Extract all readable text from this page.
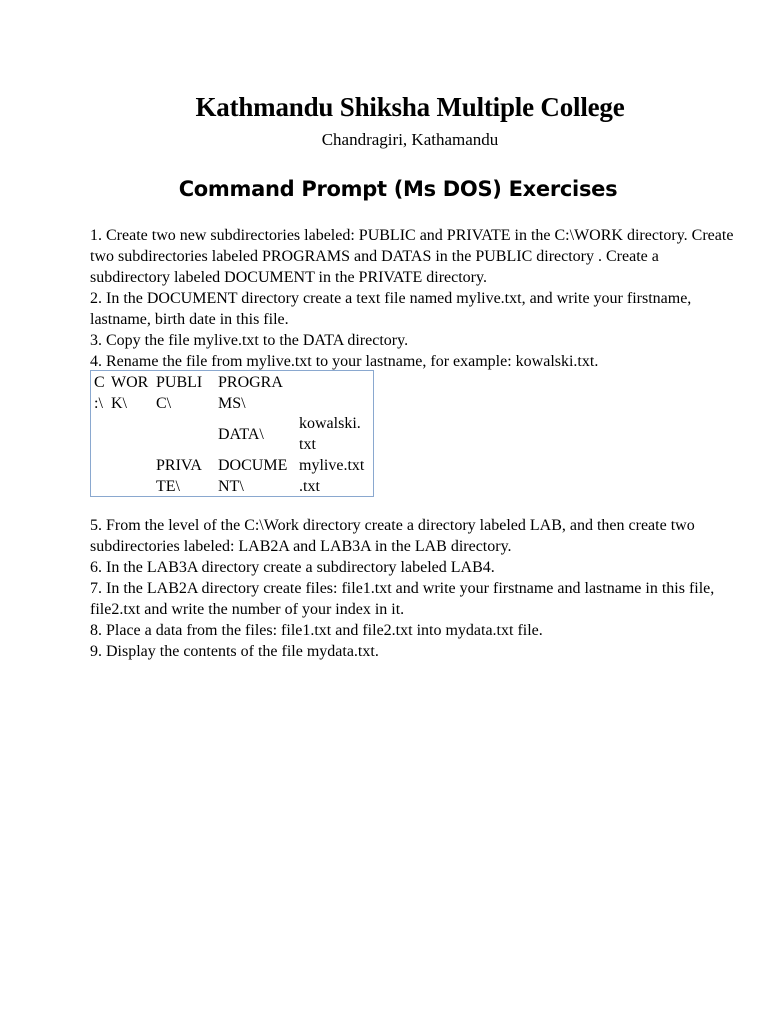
Kathmandu Shiksha Multiple College
Chandragiri, Kathamandu
Command Prompt (Ms DOS) Exercises

1. Create two new subdirectories labeled: PUBLIC and PRIVATE in the C:\WORK directory. Create two subdirectories labeled PROGRAMS and DATAS in the PUBLIC directory . Create a subdirectory labeled DOCUMENT in the PRIVATE directory.

2. In the DOCUMENT directory create a text file named mylive.txt, and write your firstname, lastname, birth date in this file.

3. Copy the file mylive.txt to the DATA directory.

4. Rename the file from mylive.txt to your lastname, for example: kowalski.txt.

C
:\
WOR
K\
PUBLI
C\
PROGRA
MS\
DATA\
kowalski.
txt
PRIVA
TE\
DOCUME
NT\
mylive.txt
.txt

5. From the level of the C:\Work directory create a directory labeled LAB, and then create two subdirectories labeled: LAB2A and LAB3A in the LAB directory.

6. In the LAB3A directory create a subdirectory labeled LAB4.

7. In the LAB2A directory create files: file1.txt and write your firstname and lastname in this file, file2.txt and write the number of your index in it.

8. Place a data from the files: file1.txt and file2.txt into mydata.txt file.

9. Display the contents of the file mydata.txt.
